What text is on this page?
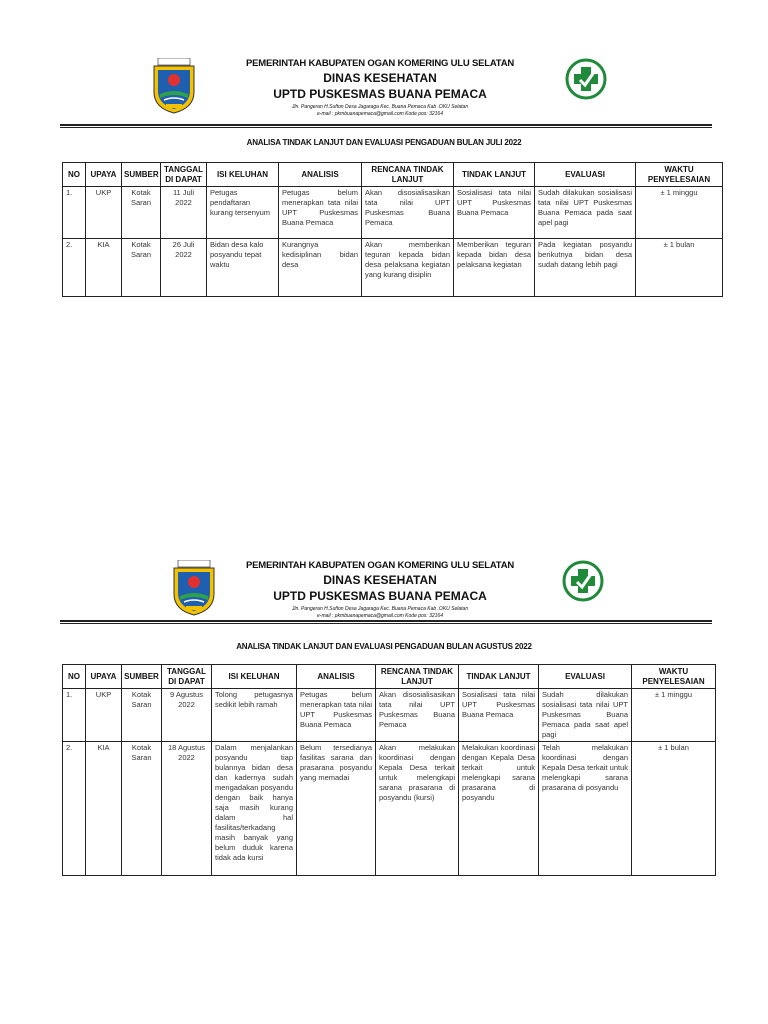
PEMERINTAH KABUPATEN OGAN KOMERING ULU SELATAN
DINAS KESEHATAN
UPTD PUSKESMAS BUANA PEMACA
Jln. Pangeran H.Sufton Desa Jagaraga Kec. Buana Pemaca Kab .OKU Selatan
e-mail : pkmbuanapemaca@gmail.com Kode pos: 32164
ANALISA TINDAK LANJUT DAN EVALUASI PENGADUAN BULAN JULI 2022
NO	UPAYA	SUMBER	TANGGAL DI DAPAT	ISI KELUHAN	ANALISIS	RENCANA TINDAK LANJUT	TINDAK LANJUT	EVALUASI	WAKTU PENYELESAIAN
1.	UKP	Kotak Saran	11 Juli 2022	Petugas pendaftaran kurang tersenyum	Petugas belum menerapkan tata nilai UPT Puskesmas Buana Pemaca	Akan disosialisasikan tata nilai UPT Puskesmas Buana Pemaca	Sosialisasi tata nilai UPT Puskesmas Buana Pemaca	Sudah dilakukan sosialisasi tata nilai UPT Puskesmas Buana Pemaca pada saat apel pagi	± 1 minggu
2.	KIA	Kotak Saran	26 Juli 2022	Bidan desa kalo posyandu tepat waktu	Kurangnya kedisiplinan bidan desa	Akan memberikan teguran kepada bidan desa pelaksana kegiatan yang kurang disiplin	Memberikan teguran kepada bidan desa pelaksana kegiatan	Pada kegiatan posyandu berikutnya bidan desa sudah datang lebih pagi	± 1 bulan
PEMERINTAH KABUPATEN OGAN KOMERING ULU SELATAN
DINAS KESEHATAN
UPTD PUSKESMAS BUANA PEMACA
Jln. Pangeran H.Sufton Desa Jagaraga Kec. Buana Pemaca Kab .OKU Selatan
e-mail : pkmbuanapemaca@gmail.com Kode pos: 32164
ANALISA TINDAK LANJUT DAN EVALUASI PENGADUAN BULAN AGUSTUS 2022
NO	UPAYA	SUMBER	TANGGAL DI DAPAT	ISI KELUHAN	ANALISIS	RENCANA TINDAK LANJUT	TINDAK LANJUT	EVALUASI	WAKTU PENYELESAIAN
1.	UKP	Kotak Saran	9 Agustus 2022	Tolong petugasnya sedikit lebih ramah	Petugas belum menerapkan tata nilai UPT Puskesmas Buana Pemaca	Akan disosialisasikan tata nilai UPT Puskesmas Buana Pemaca	Sosialisasi tata nilai UPT Puskesmas Buana Pemaca	Sudah dilakukan sosialisasi tata nilai UPT Puskesmas Buana Pemaca pada saat apel pagi	± 1 minggu
2.	KIA	Kotak Saran	18 Agustus 2022	Dalam menjalankan posyandu tiap bulannya bidan desa dan kadernya sudah mengadakan posyandu dengan baik hanya saja masih kurang dalam hal fasilitas/terkadang masih banyak yang belum duduk karena tidak ada kursi	Belum tersedianya fasilitas sarana dan prasarana posyandu yang memadai	Akan melakukan koordinasi dengan Kepala Desa terkait untuk melengkapi sarana prasarana di posyandu (kursi)	Melakukan koordinasi dengan Kepala Desa terkait untuk melengkapi sarana prasarana di posyandu	Telah melakukan koordinasi dengan Kepala Desa terkait untuk melengkapi sarana prasarana di posyandu	± 1 bulan
